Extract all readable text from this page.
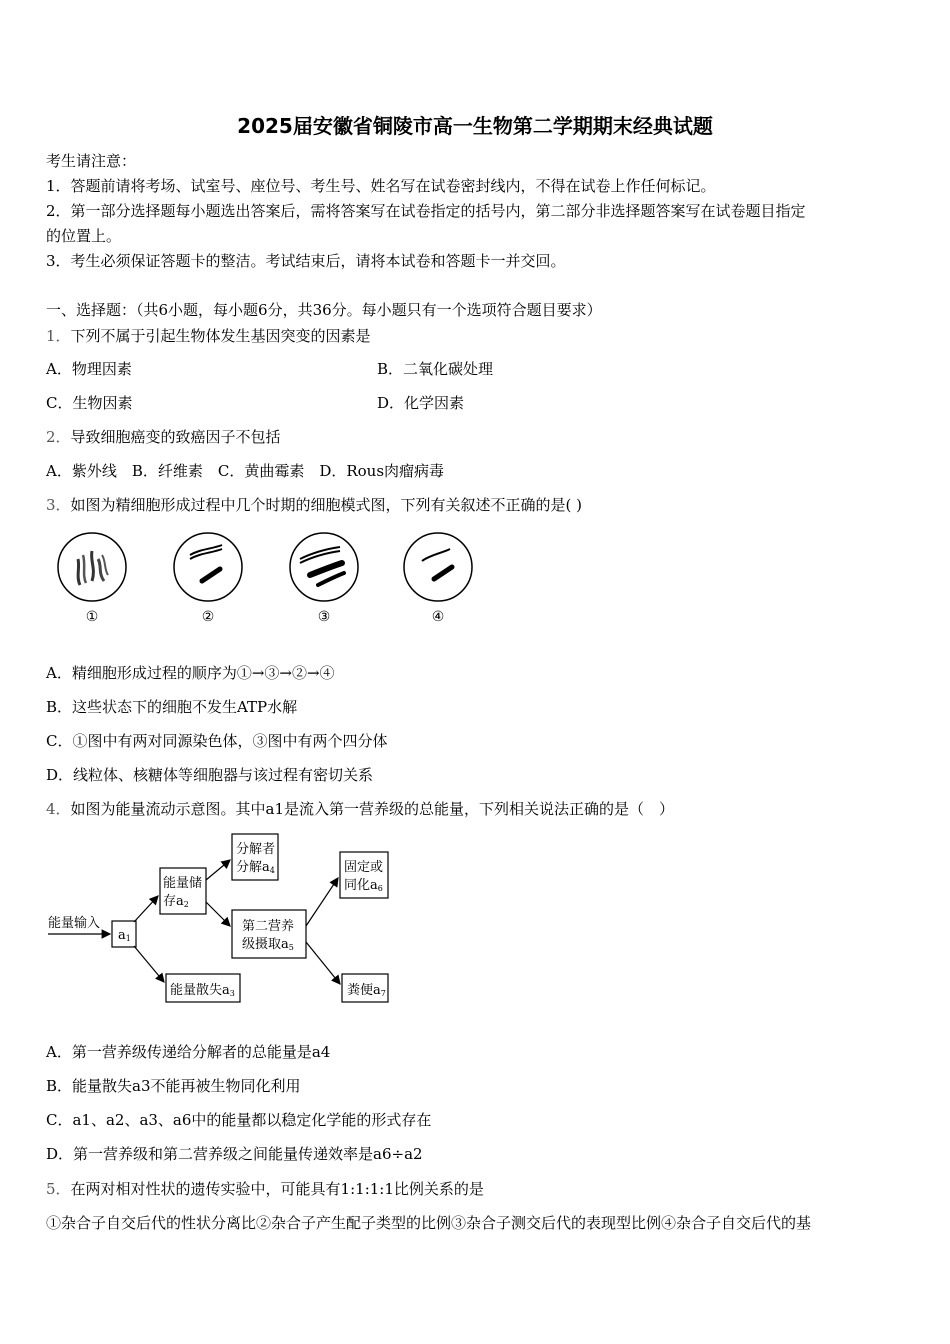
2025届安徽省铜陵市高一生物第二学期期末经典试题
考生请注意：
1．答题前请将考场、试室号、座位号、考生号、姓名写在试卷密封线内，不得在试卷上作任何标记。
2．第一部分选择题每小题选出答案后，需将答案写在试卷指定的括号内，第二部分非选择题答案写在试卷题目指定
的位置上。
3．考生必须保证答题卡的整洁。考试结束后，请将本试卷和答题卡一并交回。
一、选择题：（共6小题，每小题6分，共36分。每小题只有一个选项符合题目要求）
1．下列不属于引起生物体发生基因突变的因素是
A．物理因素	B．二氧化碳处理
C．生物因素	D．化学因素
2．导致细胞癌变的致癌因子不包括
A．紫外线　B．纤维素　C．黄曲霉素　D．Rous肉瘤病毒
3．如图为精细胞形成过程中几个时期的细胞模式图，下列有关叙述不正确的是( )
①	②	③	④
A．精细胞形成过程的顺序为①→③→②→④
B．这些状态下的细胞不发生ATP水解
C．①图中有两对同源染色体，③图中有两个四分体
D．线粒体、核糖体等细胞器与该过程有密切关系
4．如图为能量流动示意图。其中a1是流入第一营养级的总能量，下列相关说法正确的是（　）
能量输入
a1
能量储
存a2
分解者
分解a4
第二营养
级摄取a5
能量散失a3
固定或
同化a6
粪便a7
A．第一营养级传递给分解者的总能量是a4
B．能量散失a3不能再被生物同化利用
C．a1、a2、a3、a6中的能量都以稳定化学能的形式存在
D．第一营养级和第二营养级之间能量传递效率是a6÷a2
5．在两对相对性状的遗传实验中，可能具有1:1:1:1比例关系的是
①杂合子自交后代的性状分离比②杂合子产生配子类型的比例③杂合子测交后代的表现型比例④杂合子自交后代的基
